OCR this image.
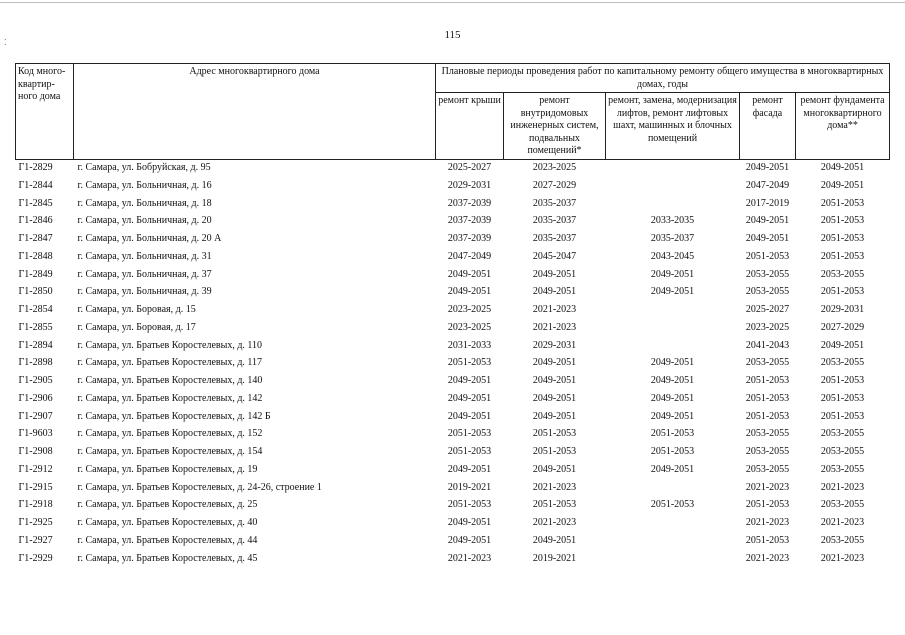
115
⁚
Код много-квартир-ного дома	Адрес многоквартирного дома	Плановые периоды проведения работ по капитальному ремонту общего имущества в многоквартирных домах, годы				
		ремонт крыши	ремонт внутридомовых инженерных систем, подвальных помещений*	ремонт, замена, модернизация лифтов, ремонт лифтовых шахт, машинных и блочных помещений	ремонт фасада	ремонт фундамента многоквартирного дома**
Г1-2829	г. Самара, ул. Бобруйская, д. 95	2025-2027	2023-2025		2049-2051	2049-2051
Г1-2844	г. Самара, ул. Больничная, д. 16	2029-2031	2027-2029		2047-2049	2049-2051
Г1-2845	г. Самара, ул. Больничная, д. 18	2037-2039	2035-2037		2017-2019	2051-2053
Г1-2846	г. Самара, ул. Больничная, д. 20	2037-2039	2035-2037	2033-2035	2049-2051	2051-2053
Г1-2847	г. Самара, ул. Больничная, д. 20 А	2037-2039	2035-2037	2035-2037	2049-2051	2051-2053
Г1-2848	г. Самара, ул. Больничная, д. 31	2047-2049	2045-2047	2043-2045	2051-2053	2051-2053
Г1-2849	г. Самара, ул. Больничная, д. 37	2049-2051	2049-2051	2049-2051	2053-2055	2053-2055
Г1-2850	г. Самара, ул. Больничная, д. 39	2049-2051	2049-2051	2049-2051	2053-2055	2051-2053
Г1-2854	г. Самара, ул. Боровая, д. 15	2023-2025	2021-2023		2025-2027	2029-2031
Г1-2855	г. Самара, ул. Боровая, д. 17	2023-2025	2021-2023		2023-2025	2027-2029
Г1-2894	г. Самара, ул. Братьев Коростелевых, д. 110	2031-2033	2029-2031		2041-2043	2049-2051
Г1-2898	г. Самара, ул. Братьев Коростелевых, д. 117	2051-2053	2049-2051	2049-2051	2053-2055	2053-2055
Г1-2905	г. Самара, ул. Братьев Коростелевых, д. 140	2049-2051	2049-2051	2049-2051	2051-2053	2051-2053
Г1-2906	г. Самара, ул. Братьев Коростелевых, д. 142	2049-2051	2049-2051	2049-2051	2051-2053	2051-2053
Г1-2907	г. Самара, ул. Братьев Коростелевых, д. 142 Б	2049-2051	2049-2051	2049-2051	2051-2053	2051-2053
Г1-9603	г. Самара, ул. Братьев Коростелевых, д. 152	2051-2053	2051-2053	2051-2053	2053-2055	2053-2055
Г1-2908	г. Самара, ул. Братьев Коростелевых, д. 154	2051-2053	2051-2053	2051-2053	2053-2055	2053-2055
Г1-2912	г. Самара, ул. Братьев Коростелевых, д. 19	2049-2051	2049-2051	2049-2051	2053-2055	2053-2055
Г1-2915	г. Самара, ул. Братьев Коростелевых, д. 24-26, строение 1	2019-2021	2021-2023		2021-2023	2021-2023
Г1-2918	г. Самара, ул. Братьев Коростелевых, д. 25	2051-2053	2051-2053	2051-2053	2051-2053	2053-2055
Г1-2925	г. Самара, ул. Братьев Коростелевых, д. 40	2049-2051	2021-2023		2021-2023	2021-2023
Г1-2927	г. Самара, ул. Братьев Коростелевых, д. 44	2049-2051	2049-2051		2051-2053	2053-2055
Г1-2929	г. Самара, ул. Братьев Коростелевых, д. 45	2021-2023	2019-2021		2021-2023	2021-2023
